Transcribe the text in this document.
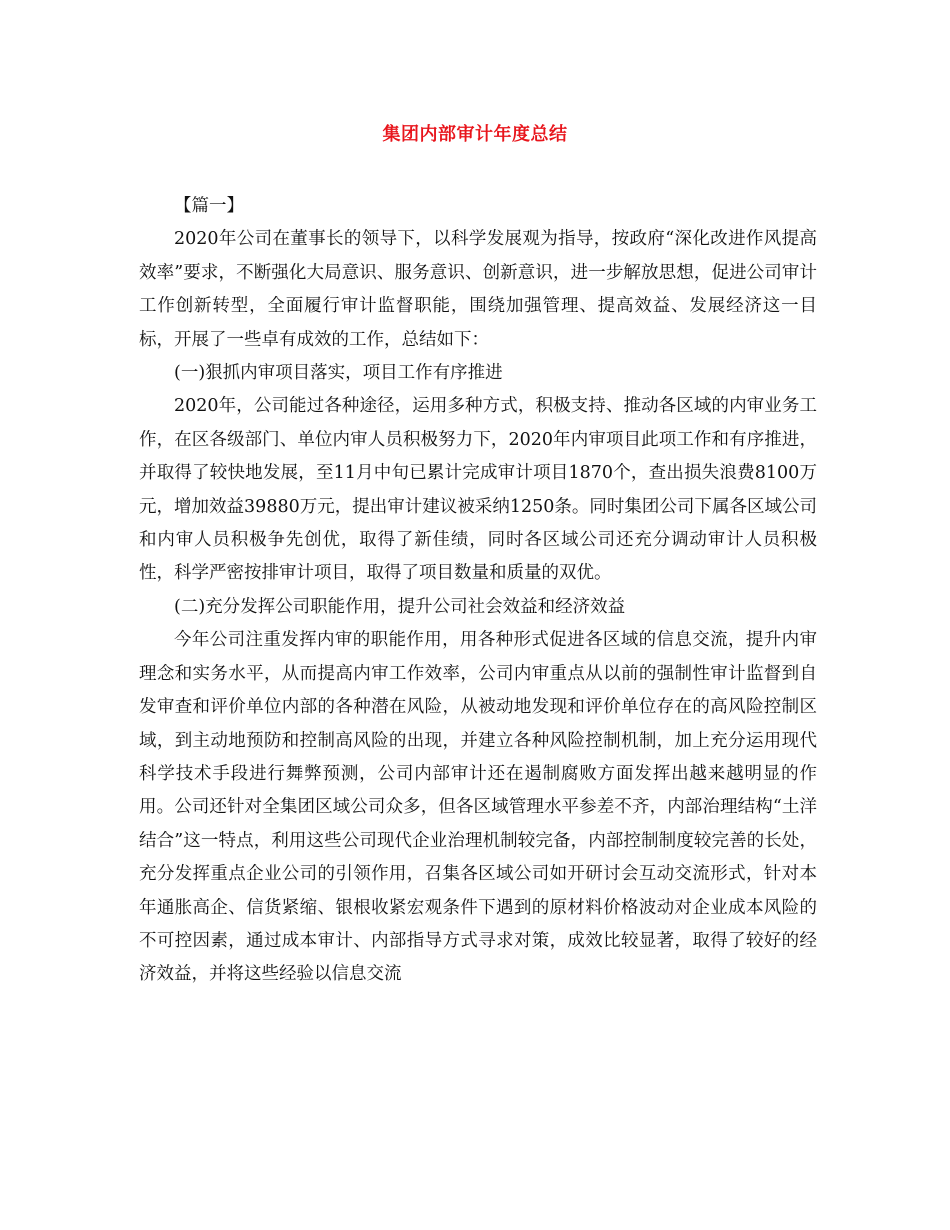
集团内部审计年度总结

【篇一】

2020年公司在董事长的领导下，以科学发展观为指导，按政府“深化改进作风提高效率”要求，不断强化大局意识、服务意识、创新意识，进一步解放思想，促进公司审计工作创新转型，全面履行审计监督职能，围绕加强管理、提高效益、发展经济这一目标，开展了一些卓有成效的工作，总结如下：

(一)狠抓内审项目落实，项目工作有序推进

2020年，公司能过各种途径，运用多种方式，积极支持、推动各区域的内审业务工作，在区各级部门、单位内审人员积极努力下，2020年内审项目此项工作和有序推进，并取得了较快地发展，至11月中旬已累计完成审计项目1870个，查出损失浪费8100万元，增加效益39880万元，提出审计建议被采纳1250条。同时集团公司下属各区域公司和内审人员积极争先创优，取得了新佳绩，同时各区域公司还充分调动审计人员积极性，科学严密按排审计项目，取得了项目数量和质量的双优。

(二)充分发挥公司职能作用，提升公司社会效益和经济效益

今年公司注重发挥内审的职能作用，用各种形式促进各区域的信息交流，提升内审理念和实务水平，从而提高内审工作效率，公司内审重点从以前的强制性审计监督到自发审查和评价单位内部的各种潜在风险，从被动地发现和评价单位存在的高风险控制区域，到主动地预防和控制高风险的出现，并建立各种风险控制机制，加上充分运用现代科学技术手段进行舞弊预测，公司内部审计还在遏制腐败方面发挥出越来越明显的作用。公司还针对全集团区域公司众多，但各区域管理水平参差不齐，内部治理结构“土洋结合”这一特点，利用这些公司现代企业治理机制较完备，内部控制制度较完善的长处，充分发挥重点企业公司的引领作用，召集各区域公司如开研讨会互动交流形式，针对本年通胀高企、信货紧缩、银根收紧宏观条件下遇到的原材料价格波动对企业成本风险的不可控因素，通过成本审计、内部指导方式寻求对策，成效比较显著，取得了较好的经济效益，并将这些经验以信息交流
